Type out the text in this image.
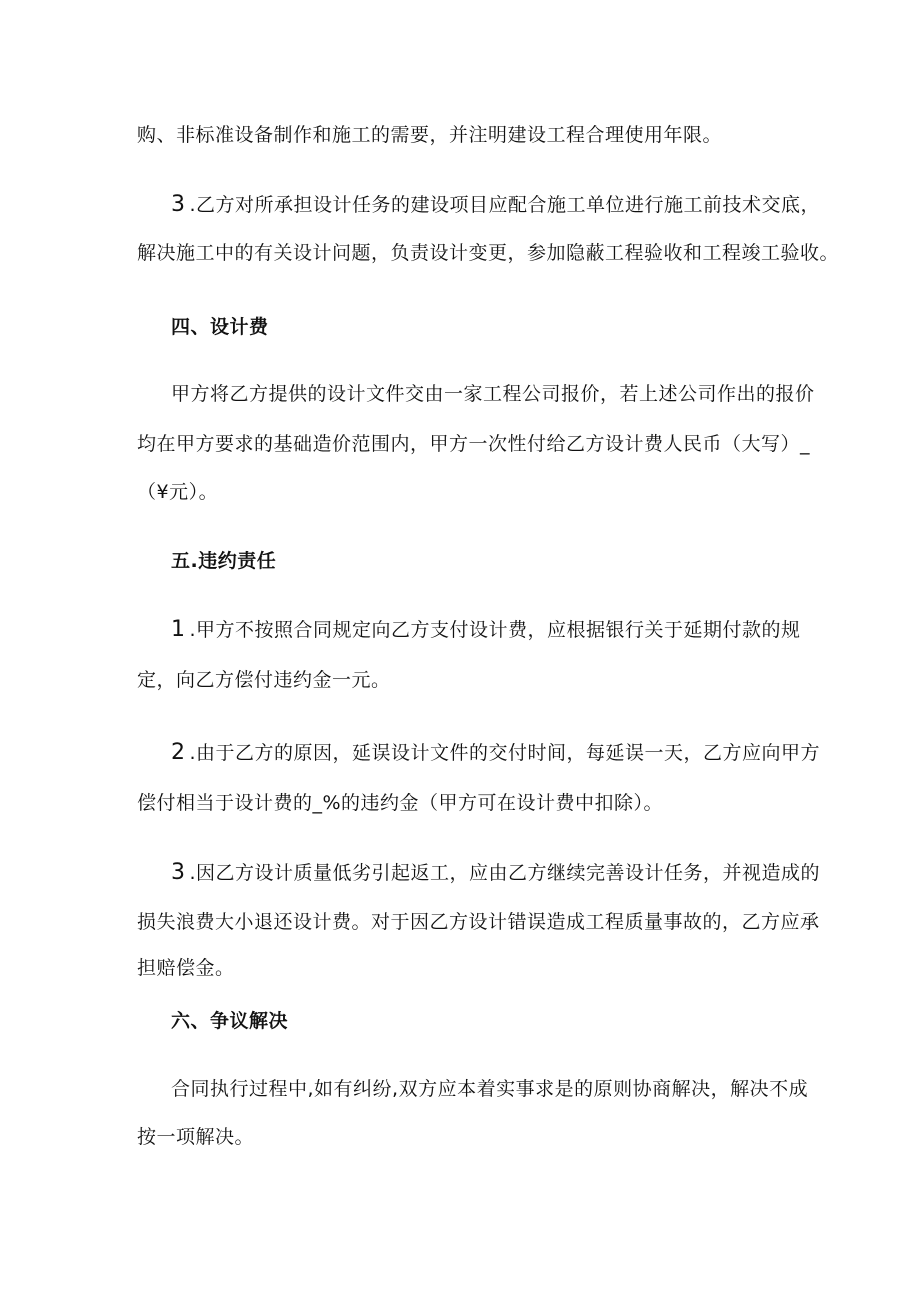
购、非标准设备制作和施工的需要，并注明建设工程合理使用年限。
3 .乙方对所承担设计任务的建设项目应配合施工单位进行施工前技术交底，
解决施工中的有关设计问题，负责设计变更，参加隐蔽工程验收和工程竣工验收。
四、设计费
甲方将乙方提供的设计文件交由一家工程公司报价，若上述公司作出的报价
均在甲方要求的基础造价范围内，甲方一次性付给乙方设计费人民币（大写）_
（¥元）。
五.违约责任
1 .甲方不按照合同规定向乙方支付设计费，应根据银行关于延期付款的规
定，向乙方偿付违约金一元。
2 .由于乙方的原因，延误设计文件的交付时间，每延误一天，乙方应向甲方
偿付相当于设计费的_%的违约金（甲方可在设计费中扣除）。
3 .因乙方设计质量低劣引起返工，应由乙方继续完善设计任务，并视造成的
损失浪费大小退还设计费。对于因乙方设计错误造成工程质量事故的，乙方应承
担赔偿金。
六、争议解决
合同执行过程中,如有纠纷,双方应本着实事求是的原则协商解决，解决不成
按一项解决。
